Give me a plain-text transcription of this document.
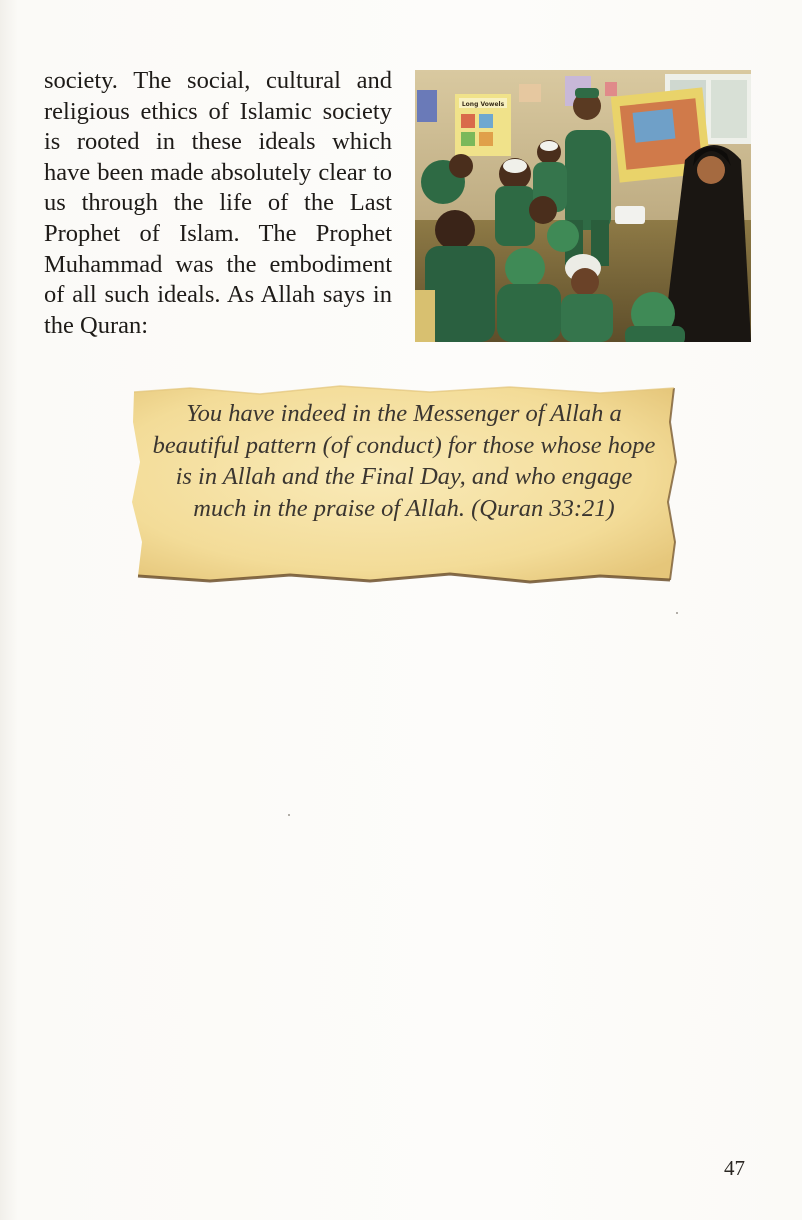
society. The social, cultural and religious ethics of Islamic society is rooted in these ideals which have been made absolutely clear to us through the life of the Last Prophet of Islam. The Prophet Muhammad was the embodiment of all such ideals. As Allah says in the Quran:

Long Vowels

You have indeed in the Messenger of Allah a beautiful pattern (of conduct) for those whose hope is in Allah and the Final Day, and who engage much in the praise of Allah. (Quran 33:21)

47
